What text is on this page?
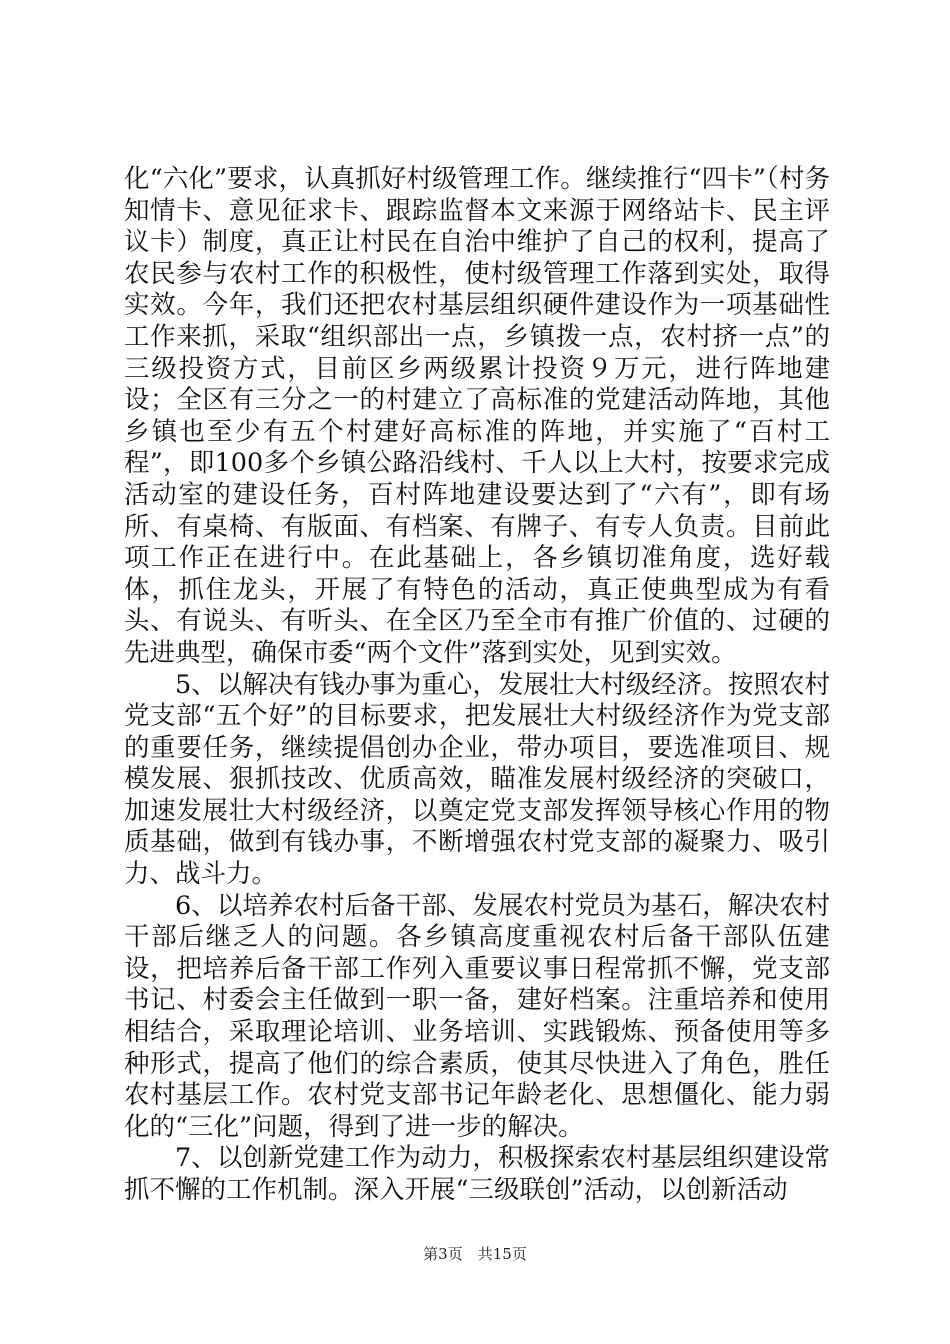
化“六化”要求，认真抓好村级管理工作。继续推行“四卡”（村务知情卡、意见征求卡、跟踪监督本文来源于网络站卡、民主评议卡）制度，真正让村民在自治中维护了自己的权利，提高了农民参与农村工作的积极性，使村级管理工作落到实处，取得实效。今年，我们还把农村基层组织硬件建设作为一项基础性工作来抓，采取“组织部出一点，乡镇拨一点，农村挤一点”的三级投资方式，目前区乡两级累计投资９万元，进行阵地建设；全区有三分之一的村建立了高标准的党建活动阵地，其他乡镇也至少有五个村建好高标准的阵地，并实施了“百村工程”，即100多个乡镇公路沿线村、千人以上大村，按要求完成活动室的建设任务，百村阵地建设要达到了“六有”，即有场所、有桌椅、有版面、有档案、有牌子、有专人负责。目前此项工作正在进行中。在此基础上，各乡镇切准角度，选好载体，抓住龙头，开展了有特色的活动，真正使典型成为有看头、有说头、有听头、在全区乃至全市有推广价值的、过硬的先进典型，确保市委“两个文件”落到实处，见到实效。

5、以解决有钱办事为重心，发展壮大村级经济。按照农村党支部“五个好”的目标要求，把发展壮大村级经济作为党支部的重要任务，继续提倡创办企业，带办项目，要选准项目、规模发展、狠抓技改、优质高效，瞄准发展村级经济的突破口，加速发展壮大村级经济，以奠定党支部发挥领导核心作用的物质基础，做到有钱办事，不断增强农村党支部的凝聚力、吸引力、战斗力。

6、以培养农村后备干部、发展农村党员为基石，解决农村干部后继乏人的问题。各乡镇高度重视农村后备干部队伍建设，把培养后备干部工作列入重要议事日程常抓不懈，党支部书记、村委会主任做到一职一备，建好档案。注重培养和使用相结合，采取理论培训、业务培训、实践锻炼、预备使用等多种形式，提高了他们的综合素质，使其尽快进入了角色，胜任农村基层工作。农村党支部书记年龄老化、思想僵化、能力弱化的“三化”问题，得到了进一步的解决。

7、以创新党建工作为动力，积极探索农村基层组织建设常抓不懈的工作机制。深入开展“三级联创”活动，以创新活动

第3页　共15页
